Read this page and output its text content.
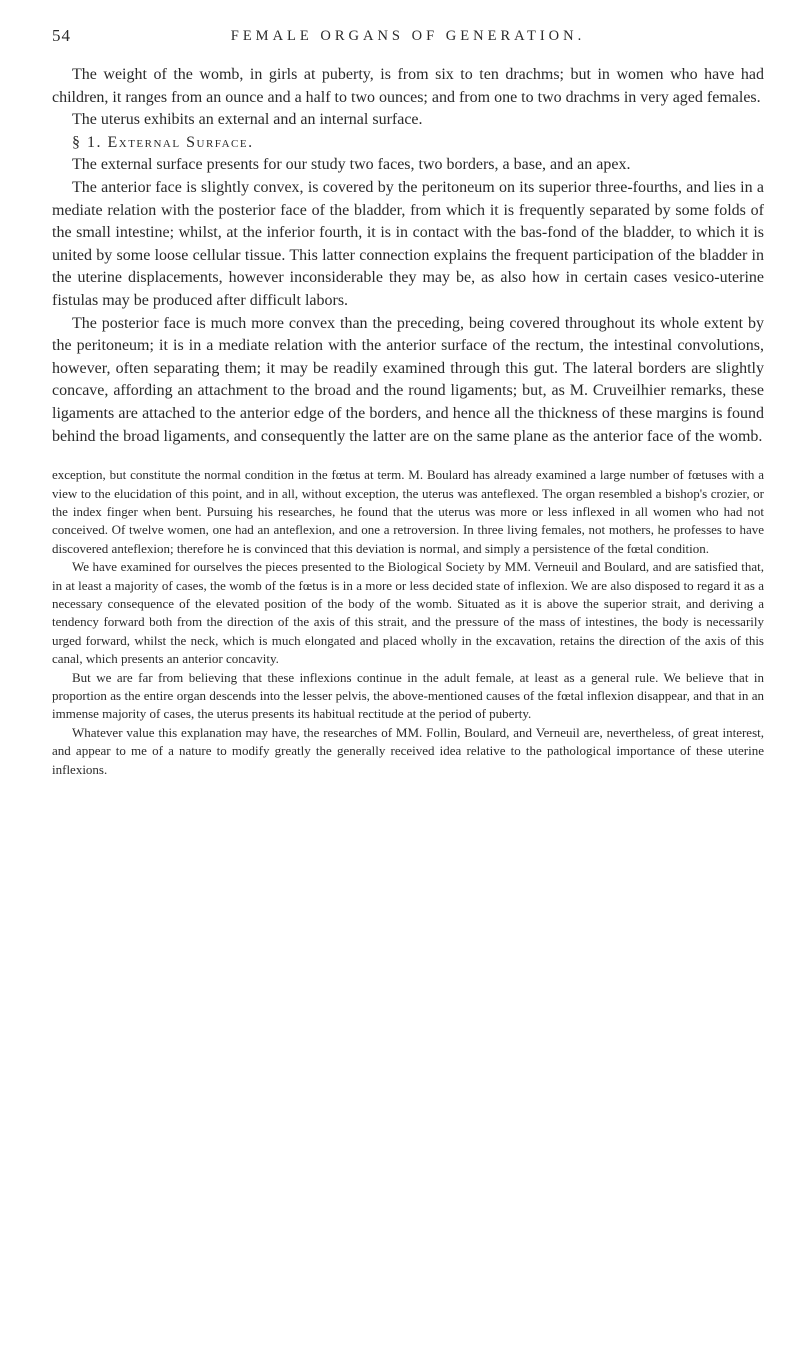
54	FEMALE ORGANS OF GENERATION.

The weight of the womb, in girls at puberty, is from six to ten drachms; but in women who have had children, it ranges from an ounce and a half to two ounces; and from one to two drachms in very aged females.

The uterus exhibits an external and an internal surface.

§ 1. External Surface.

The external surface presents for our study two faces, two borders, a base, and an apex.

The anterior face is slightly convex, is covered by the peritoneum on its superior three-fourths, and lies in a mediate relation with the posterior face of the bladder, from which it is frequently separated by some folds of the small intestine; whilst, at the inferior fourth, it is in contact with the bas-fond of the bladder, to which it is united by some loose cellular tissue. This latter connection explains the frequent participation of the bladder in the uterine displacements, however inconsiderable they may be, as also how in certain cases vesico-uterine fistulas may be produced after difficult labors.

The posterior face is much more convex than the preceding, being covered throughout its whole extent by the peritoneum; it is in a mediate relation with the anterior surface of the rectum, the intestinal convolutions, however, often separating them; it may be readily examined through this gut. The lateral borders are slightly concave, affording an attachment to the broad and the round ligaments; but, as M. Cruveilhier remarks, these ligaments are attached to the anterior edge of the borders, and hence all the thickness of these margins is found behind the broad ligaments, and consequently the latter are on the same plane as the anterior face of the womb.

exception, but constitute the normal condition in the fœtus at term. M. Boulard has already examined a large number of fœtuses with a view to the elucidation of this point, and in all, without exception, the uterus was anteflexed. The organ resembled a bishop's crozier, or the index finger when bent. Pursuing his researches, he found that the uterus was more or less inflexed in all women who had not conceived. Of twelve women, one had an anteflexion, and one a retroversion. In three living females, not mothers, he professes to have discovered anteflexion; therefore he is convinced that this deviation is normal, and simply a persistence of the fœtal condition.

We have examined for ourselves the pieces presented to the Biological Society by MM. Verneuil and Boulard, and are satisfied that, in at least a majority of cases, the womb of the fœtus is in a more or less decided state of inflexion. We are also disposed to regard it as a necessary consequence of the elevated position of the body of the womb. Situated as it is above the superior strait, and deriving a tendency forward both from the direction of the axis of this strait, and the pressure of the mass of intestines, the body is necessarily urged forward, whilst the neck, which is much elongated and placed wholly in the excavation, retains the direction of the axis of this canal, which presents an anterior concavity.

But we are far from believing that these inflexions continue in the adult female, at least as a general rule. We believe that in proportion as the entire organ descends into the lesser pelvis, the above-mentioned causes of the fœtal inflexion disappear, and that in an immense majority of cases, the uterus presents its habitual rectitude at the period of puberty.

Whatever value this explanation may have, the researches of MM. Follin, Boulard, and Verneuil are, nevertheless, of great interest, and appear to me of a nature to modify greatly the generally received idea relative to the pathological importance of these uterine inflexions.
